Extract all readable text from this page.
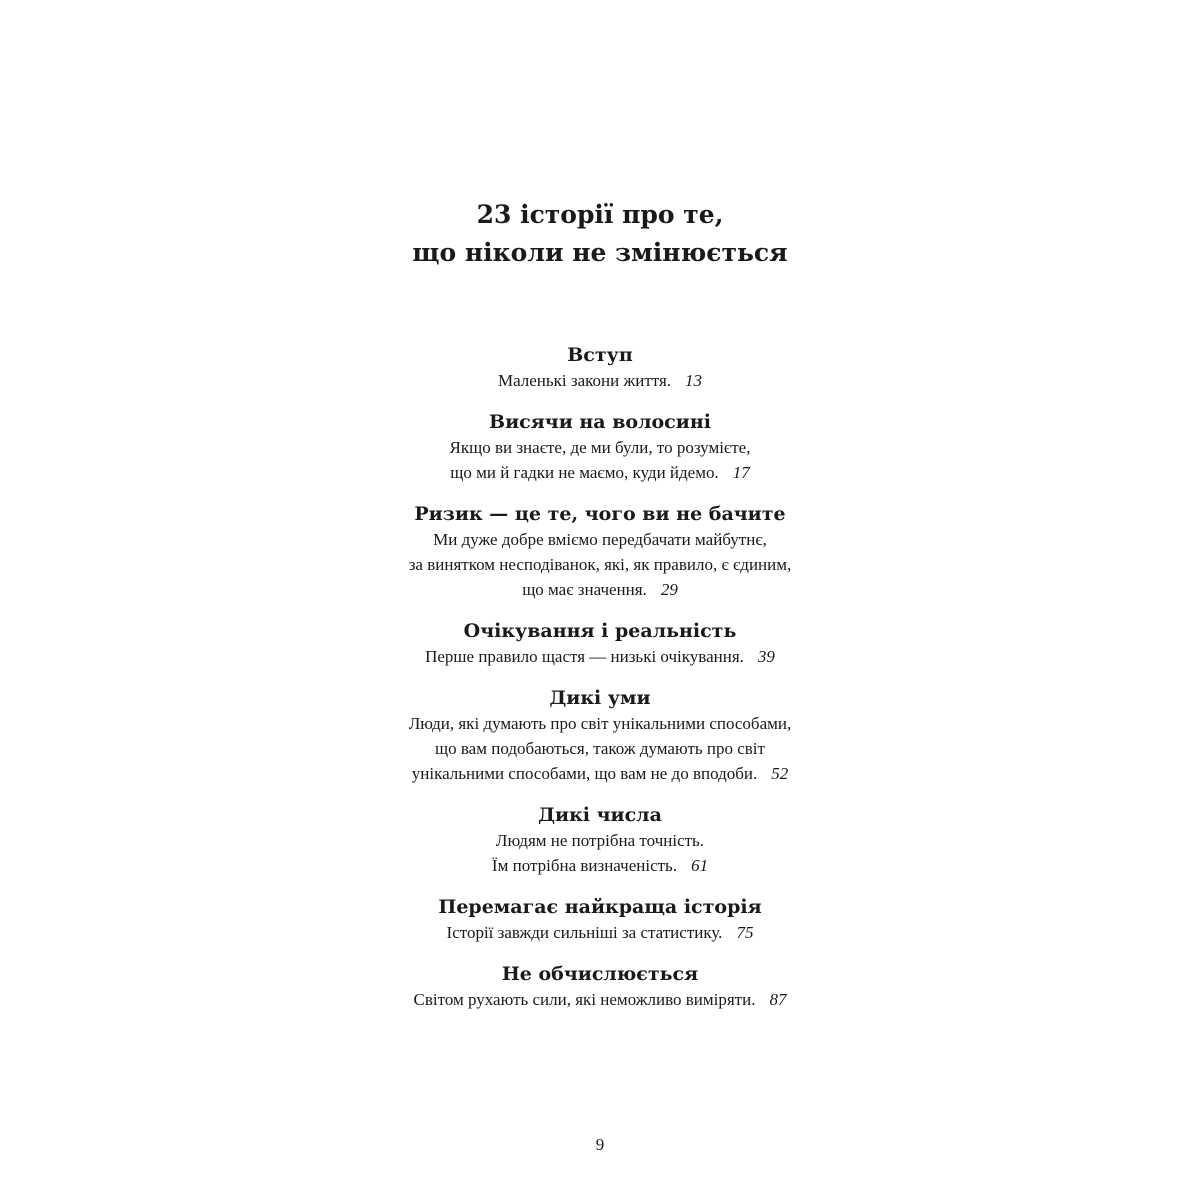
23 історії про те,
що ніколи не змінюється
Вступ
Маленькі закони життя. 13
Висячи на волосині
Якщо ви знаєте, де ми були, то розумієте,
що ми й гадки не маємо, куди йдемо. 17
Ризик — це те, чого ви не бачите
Ми дуже добре вміємо передбачати майбутнє,
за винятком несподіванок, які, як правило, є єдиним,
що має значення. 29
Очікування і реальність
Перше правило щастя — низькі очікування. 39
Дикі уми
Люди, які думають про світ унікальними способами,
що вам подобаються, також думають про світ
унікальними способами, що вам не до вподоби. 52
Дикі числа
Людям не потрібна точність.
Їм потрібна визначеність. 61
Перемагає найкраща історія
Історії завжди сильніші за статистику. 75
Не обчислюється
Світом рухають сили, які неможливо виміряти. 87
9
